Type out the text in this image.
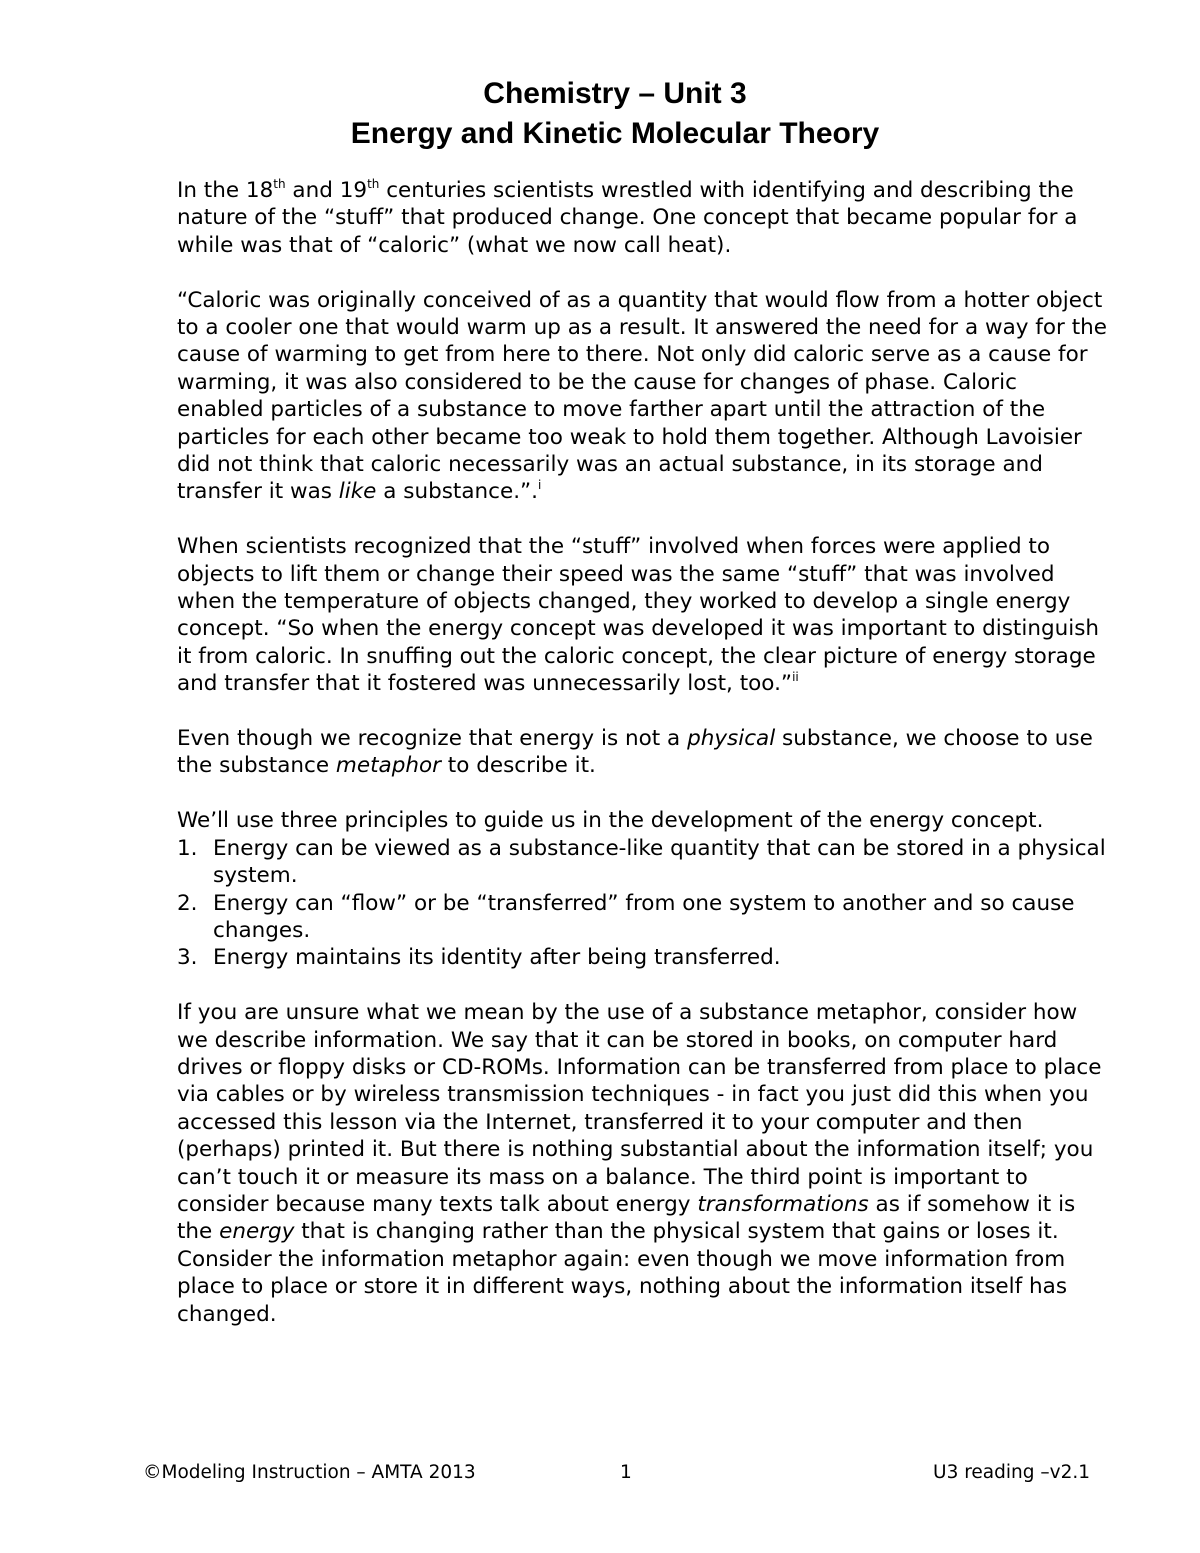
Chemistry – Unit 3
Energy and Kinetic Molecular Theory

In the 18th and 19th centuries scientists wrestled with identifying and describing the nature of the “stuff” that produced change. One concept that became popular for a while was that of “caloric” (what we now call heat).

“Caloric was originally conceived of as a quantity that would flow from a hotter object to a cooler one that would warm up as a result. It answered the need for a way for the cause of warming to get from here to there. Not only did caloric serve as a cause for warming, it was also considered to be the cause for changes of phase. Caloric enabled particles of a substance to move farther apart until the attraction of the particles for each other became too weak to hold them together. Although Lavoisier did not think that caloric necessarily was an actual substance, in its storage and transfer it was like a substance.”.$^i$

When scientists recognized that the “stuff” involved when forces were applied to objects to lift them or change their speed was the same “stuff” that was involved when the temperature of objects changed, they worked to develop a single energy concept. “So when the energy concept was developed it was important to distinguish it from caloric. In snuffing out the caloric concept, the clear picture of energy storage and transfer that it fostered was unnecessarily lost, too.”$^{ii}$

Even though we recognize that energy is not a physical substance, we choose to use the substance metaphor to describe it.

We’ll use three principles to guide us in the development of the energy concept.

1. Energy can be viewed as a substance-like quantity that can be stored in a physical system.
2. Energy can “flow” or be “transferred” from one system to another and so cause changes.
3. Energy maintains its identity after being transferred.

If you are unsure what we mean by the use of a substance metaphor, consider how we describe information. We say that it can be stored in books, on computer hard drives or floppy disks or CD-ROMs. Information can be transferred from place to place via cables or by wireless transmission techniques - in fact you just did this when you accessed this lesson via the Internet, transferred it to your computer and then (perhaps) printed it. But there is nothing substantial about the information itself; you can’t touch it or measure its mass on a balance. The third point is important to consider because many texts talk about energy transformations as if somehow it is the energy that is changing rather than the physical system that gains or loses it. Consider the information metaphor again: even though we move information from place to place or store it in different ways, nothing about the information itself has changed.

©Modeling Instruction – AMTA 2013	1	U3 reading –v2.1
